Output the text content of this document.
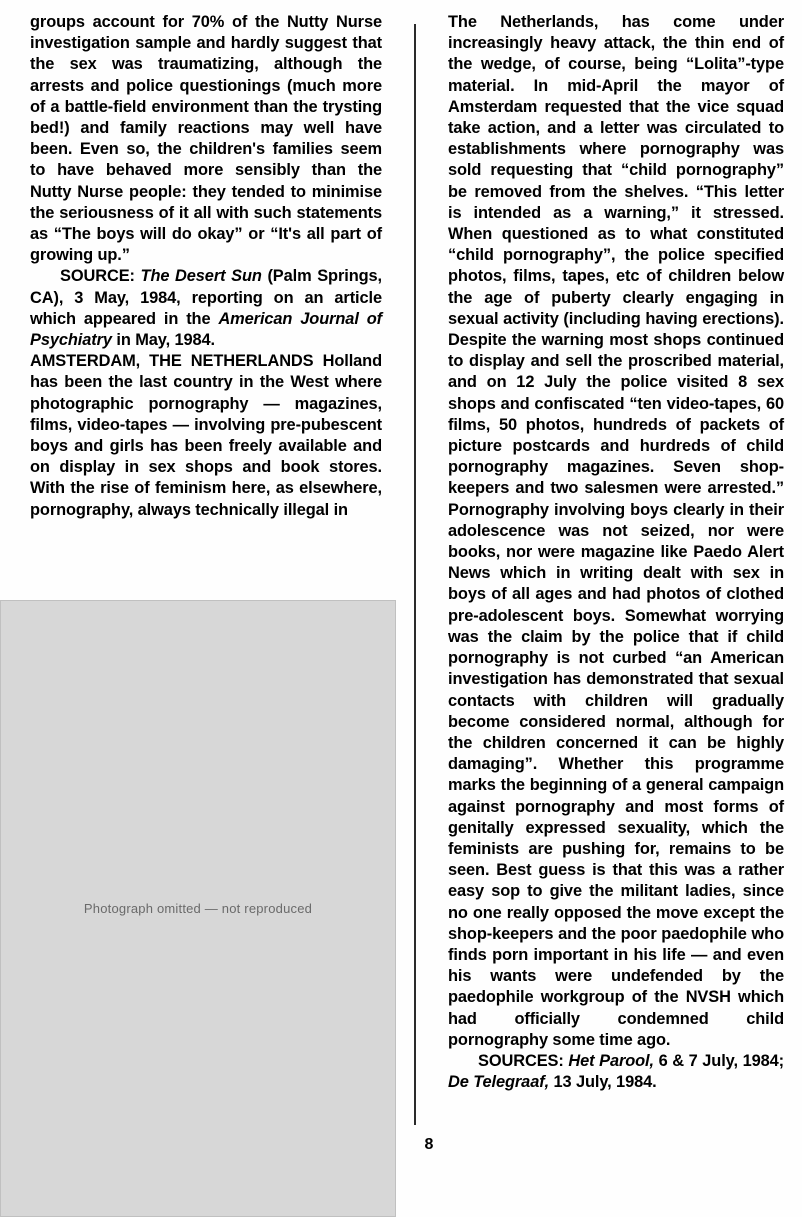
groups account for 70% of the Nutty Nurse investigation sample and hardly suggest that the sex was traumatizing, although the arrests and police questionings (much more of a battle-field environment than the trysting bed!) and family reactions may well have been. Even so, the children's families seem to have behaved more sensibly than the Nutty Nurse people: they tended to minimise the seriousness of it all with such statements as “The boys will do okay” or “It's all part of growing up.”

SOURCE: The Desert Sun (Palm Springs, CA), 3 May, 1984, reporting on an article which appeared in the American Journal of Psychiatry in May, 1984.

AMSTERDAM, THE NETHERLANDS Holland has been the last country in the West where photographic pornography — magazines, films, video-tapes — involving pre-pubescent boys and girls has been freely available and on display in sex shops and book stores. With the rise of feminism here, as elsewhere, pornography, always technically illegal in

The Netherlands, has come under increasingly heavy attack, the thin end of the wedge, of course, being “Lolita”-type material. In mid-April the mayor of Amsterdam requested that the vice squad take action, and a letter was circulated to establishments where pornography was sold requesting that “child pornography” be removed from the shelves. “This letter is intended as a warning,” it stressed. When questioned as to what constituted “child pornography”, the police specified photos, films, tapes, etc of children below the age of puberty clearly engaging in sexual activity (including having erections). Despite the warning most shops continued to display and sell the proscribed material, and on 12 July the police visited 8 sex shops and confiscated “ten video-tapes, 60 films, 50 photos, hundreds of packets of picture postcards and hurdreds of child pornography magazines. Seven shop-keepers and two salesmen were arrested.” Pornography involving boys clearly in their adolescence was not seized, nor were books, nor were magazine like Paedo Alert News which in writing dealt with sex in boys of all ages and had photos of clothed pre-adolescent boys. Somewhat worrying was the claim by the police that if child pornography is not curbed “an American investigation has demonstrated that sexual contacts with children will gradually become considered normal, although for the children concerned it can be highly damaging”. Whether this programme marks the beginning of a general campaign against pornography and most forms of genitally expressed sexuality, which the feminists are pushing for, remains to be seen. Best guess is that this was a rather easy sop to give the militant ladies, since no one really opposed the move except the shop-keepers and the poor paedophile who finds porn important in his life — and even his wants were undefended by the paedophile workgroup of the NVSH which had officially condemned child pornography some time ago.

SOURCES: Het Parool, 6 & 7 July, 1984; De Telegraaf, 13 July, 1984.

Photograph omitted — not reproduced
8
